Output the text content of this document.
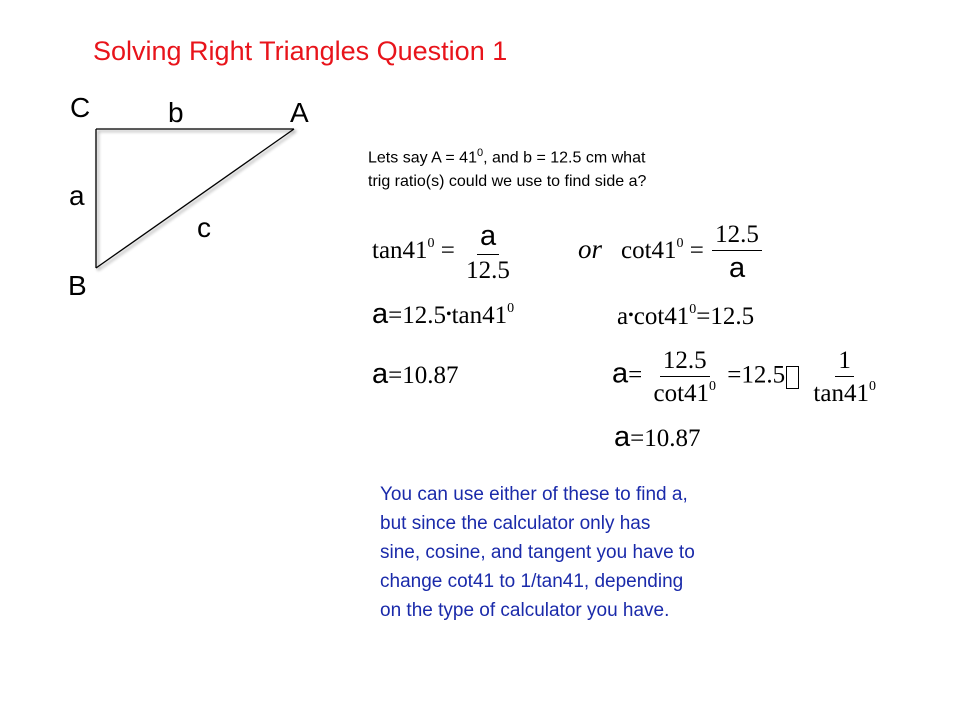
Solving Right Triangles Question 1
C	b	A
a
c
B
Lets say $A = 41^0$, and b = 12.5 cm what
trig ratio(s) could we use to find side a?
$\tan 41^0 = \frac{a}{12.5}$
$a=12.5•\tan 41^0$
a=10.87
or $\cot 41^0 = \frac{12.5}{a}$
$a•\cot 41^0=12.5$
$a= \frac{12.5}{\cot 41^0} =12.5 \frac{1}{\tan 41^0}$
a=10.87
You can use either of these to find a,
but since the calculator only has
sine, cosine, and tangent you have to
change cot41 to 1/tan41, depending
on the type of calculator you have.
